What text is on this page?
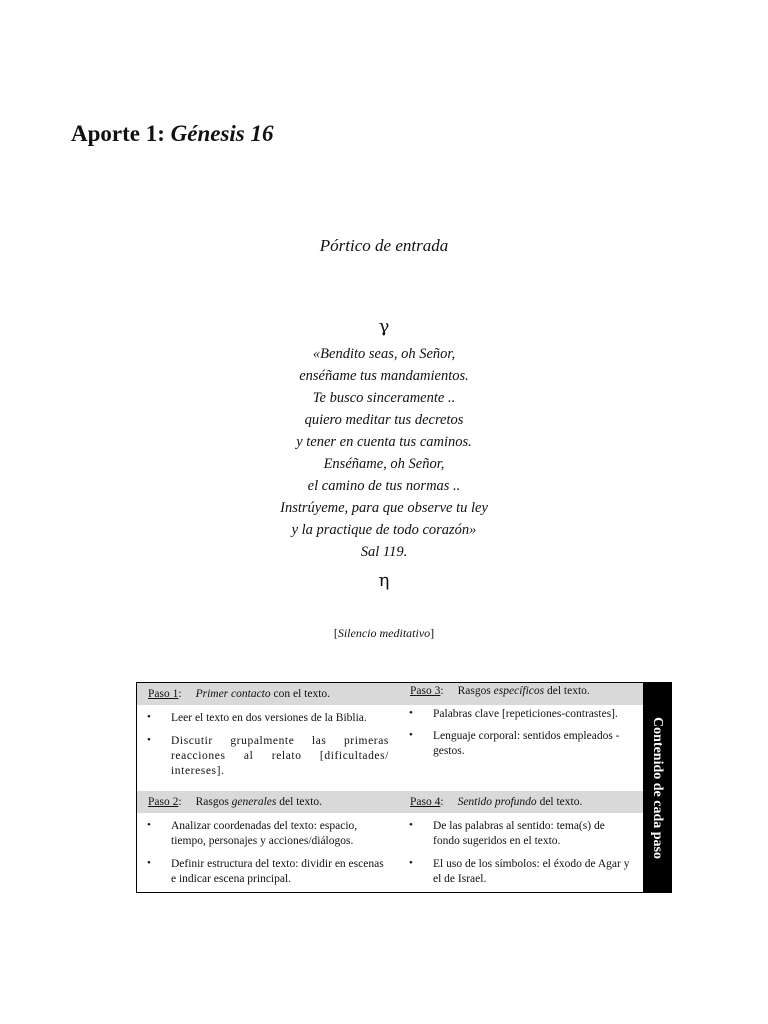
Aporte 1: Génesis 16
Pórtico de entrada
γ
«Bendito seas, oh Señor,
enséñame tus mandamientos.
Te busco sinceramente ..
quiero meditar tus decretos
y tener en cuenta tus caminos.
Enséñame, oh Señor,
el camino de tus normas ..
Instrúyeme, para que observe tu ley
y la practique de todo corazón»
Sal 119.
η
[Silencio meditativo]
Paso 1: Primer contacto con el texto.
• Leer el texto en dos versiones de la Biblia.
• Discutir grupalmente las primeras reacciones al relato [dificultades/ intereses].
Paso 2: Rasgos generales del texto.
• Analizar coordenadas del texto: espacio, tiempo, personajes y acciones/diálogos.
• Definir estructura del texto: dividir en escenas e indicar escena principal.
Paso 3: Rasgos específicos del texto.
• Palabras clave [repeticiones-contrastes].
• Lenguaje corporal: sentidos empleados - gestos.
Paso 4: Sentido profundo del texto.
• De las palabras al sentido: tema(s) de fondo sugeridos en el texto.
• El uso de los símbolos: el éxodo de Agar y el de Israel.
Contenido de cada paso
